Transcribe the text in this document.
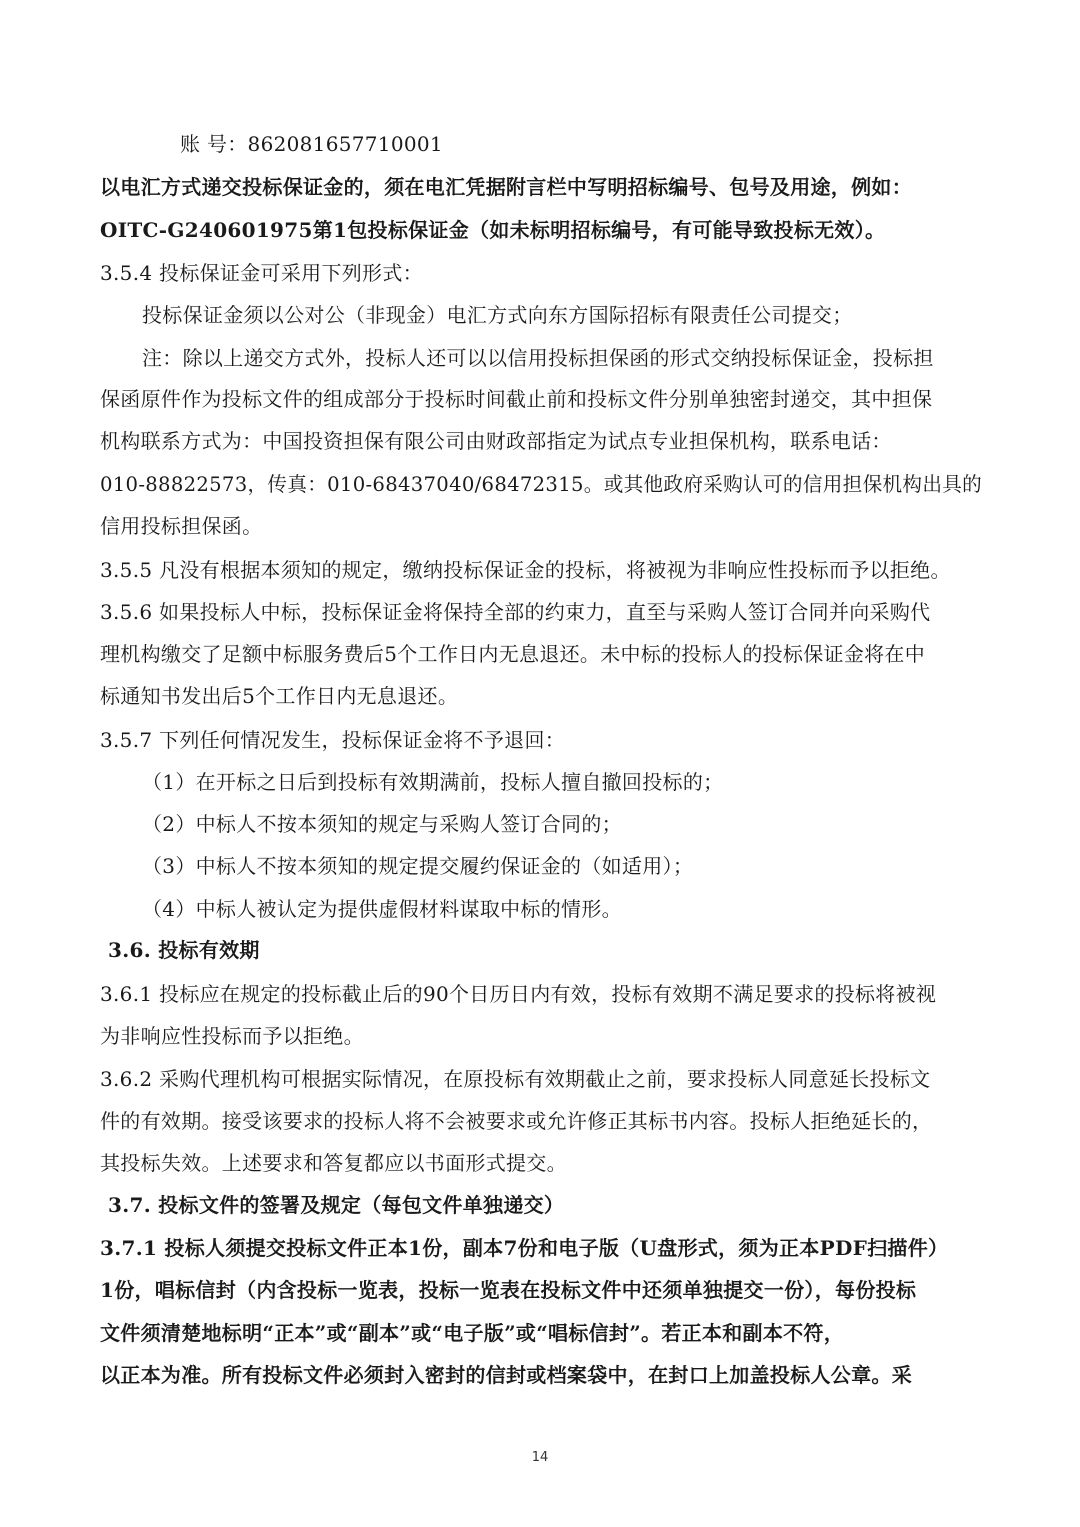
账 号：862081657710001
以电汇方式递交投标保证金的，须在电汇凭据附言栏中写明招标编号、包号及用途，例如：
OITC-G240601975第1包投标保证金（如未标明招标编号，有可能导致投标无效）。
3.5.4 投标保证金可采用下列形式：
投标保证金须以公对公（非现金）电汇方式向东方国际招标有限责任公司提交；
注：除以上递交方式外，投标人还可以以信用投标担保函的形式交纳投标保证金，投标担
保函原件作为投标文件的组成部分于投标时间截止前和投标文件分别单独密封递交，其中担保
机构联系方式为：中国投资担保有限公司由财政部指定为试点专业担保机构，联系电话：
010-88822573，传真：010-68437040/68472315。或其他政府采购认可的信用担保机构出具的
信用投标担保函。
3.5.5 凡没有根据本须知的规定，缴纳投标保证金的投标，将被视为非响应性投标而予以拒绝。
3.5.6 如果投标人中标，投标保证金将保持全部的约束力，直至与采购人签订合同并向采购代
理机构缴交了足额中标服务费后5个工作日内无息退还。未中标的投标人的投标保证金将在中
标通知书发出后5个工作日内无息退还。
3.5.7 下列任何情况发生，投标保证金将不予退回：
（1）在开标之日后到投标有效期满前，投标人擅自撤回投标的；
（2）中标人不按本须知的规定与采购人签订合同的；
（3）中标人不按本须知的规定提交履约保证金的（如适用）；
（4）中标人被认定为提供虚假材料谋取中标的情形。
3.6. 投标有效期
3.6.1 投标应在规定的投标截止后的90个日历日内有效，投标有效期不满足要求的投标将被视
为非响应性投标而予以拒绝。
3.6.2 采购代理机构可根据实际情况，在原投标有效期截止之前，要求投标人同意延长投标文
件的有效期。接受该要求的投标人将不会被要求或允许修正其标书内容。投标人拒绝延长的，
其投标失效。上述要求和答复都应以书面形式提交。
3.7. 投标文件的签署及规定（每包文件单独递交）
3.7.1 投标人须提交投标文件正本1份，副本7份和电子版（U盘形式，须为正本PDF扫描件）
1份，唱标信封（内含投标一览表，投标一览表在投标文件中还须单独提交一份），每份投标
文件须清楚地标明“正本”或“副本”或“电子版”或“唱标信封”。若正本和副本不符，
以正本为准。所有投标文件必须封入密封的信封或档案袋中，在封口上加盖投标人公章。采
14
